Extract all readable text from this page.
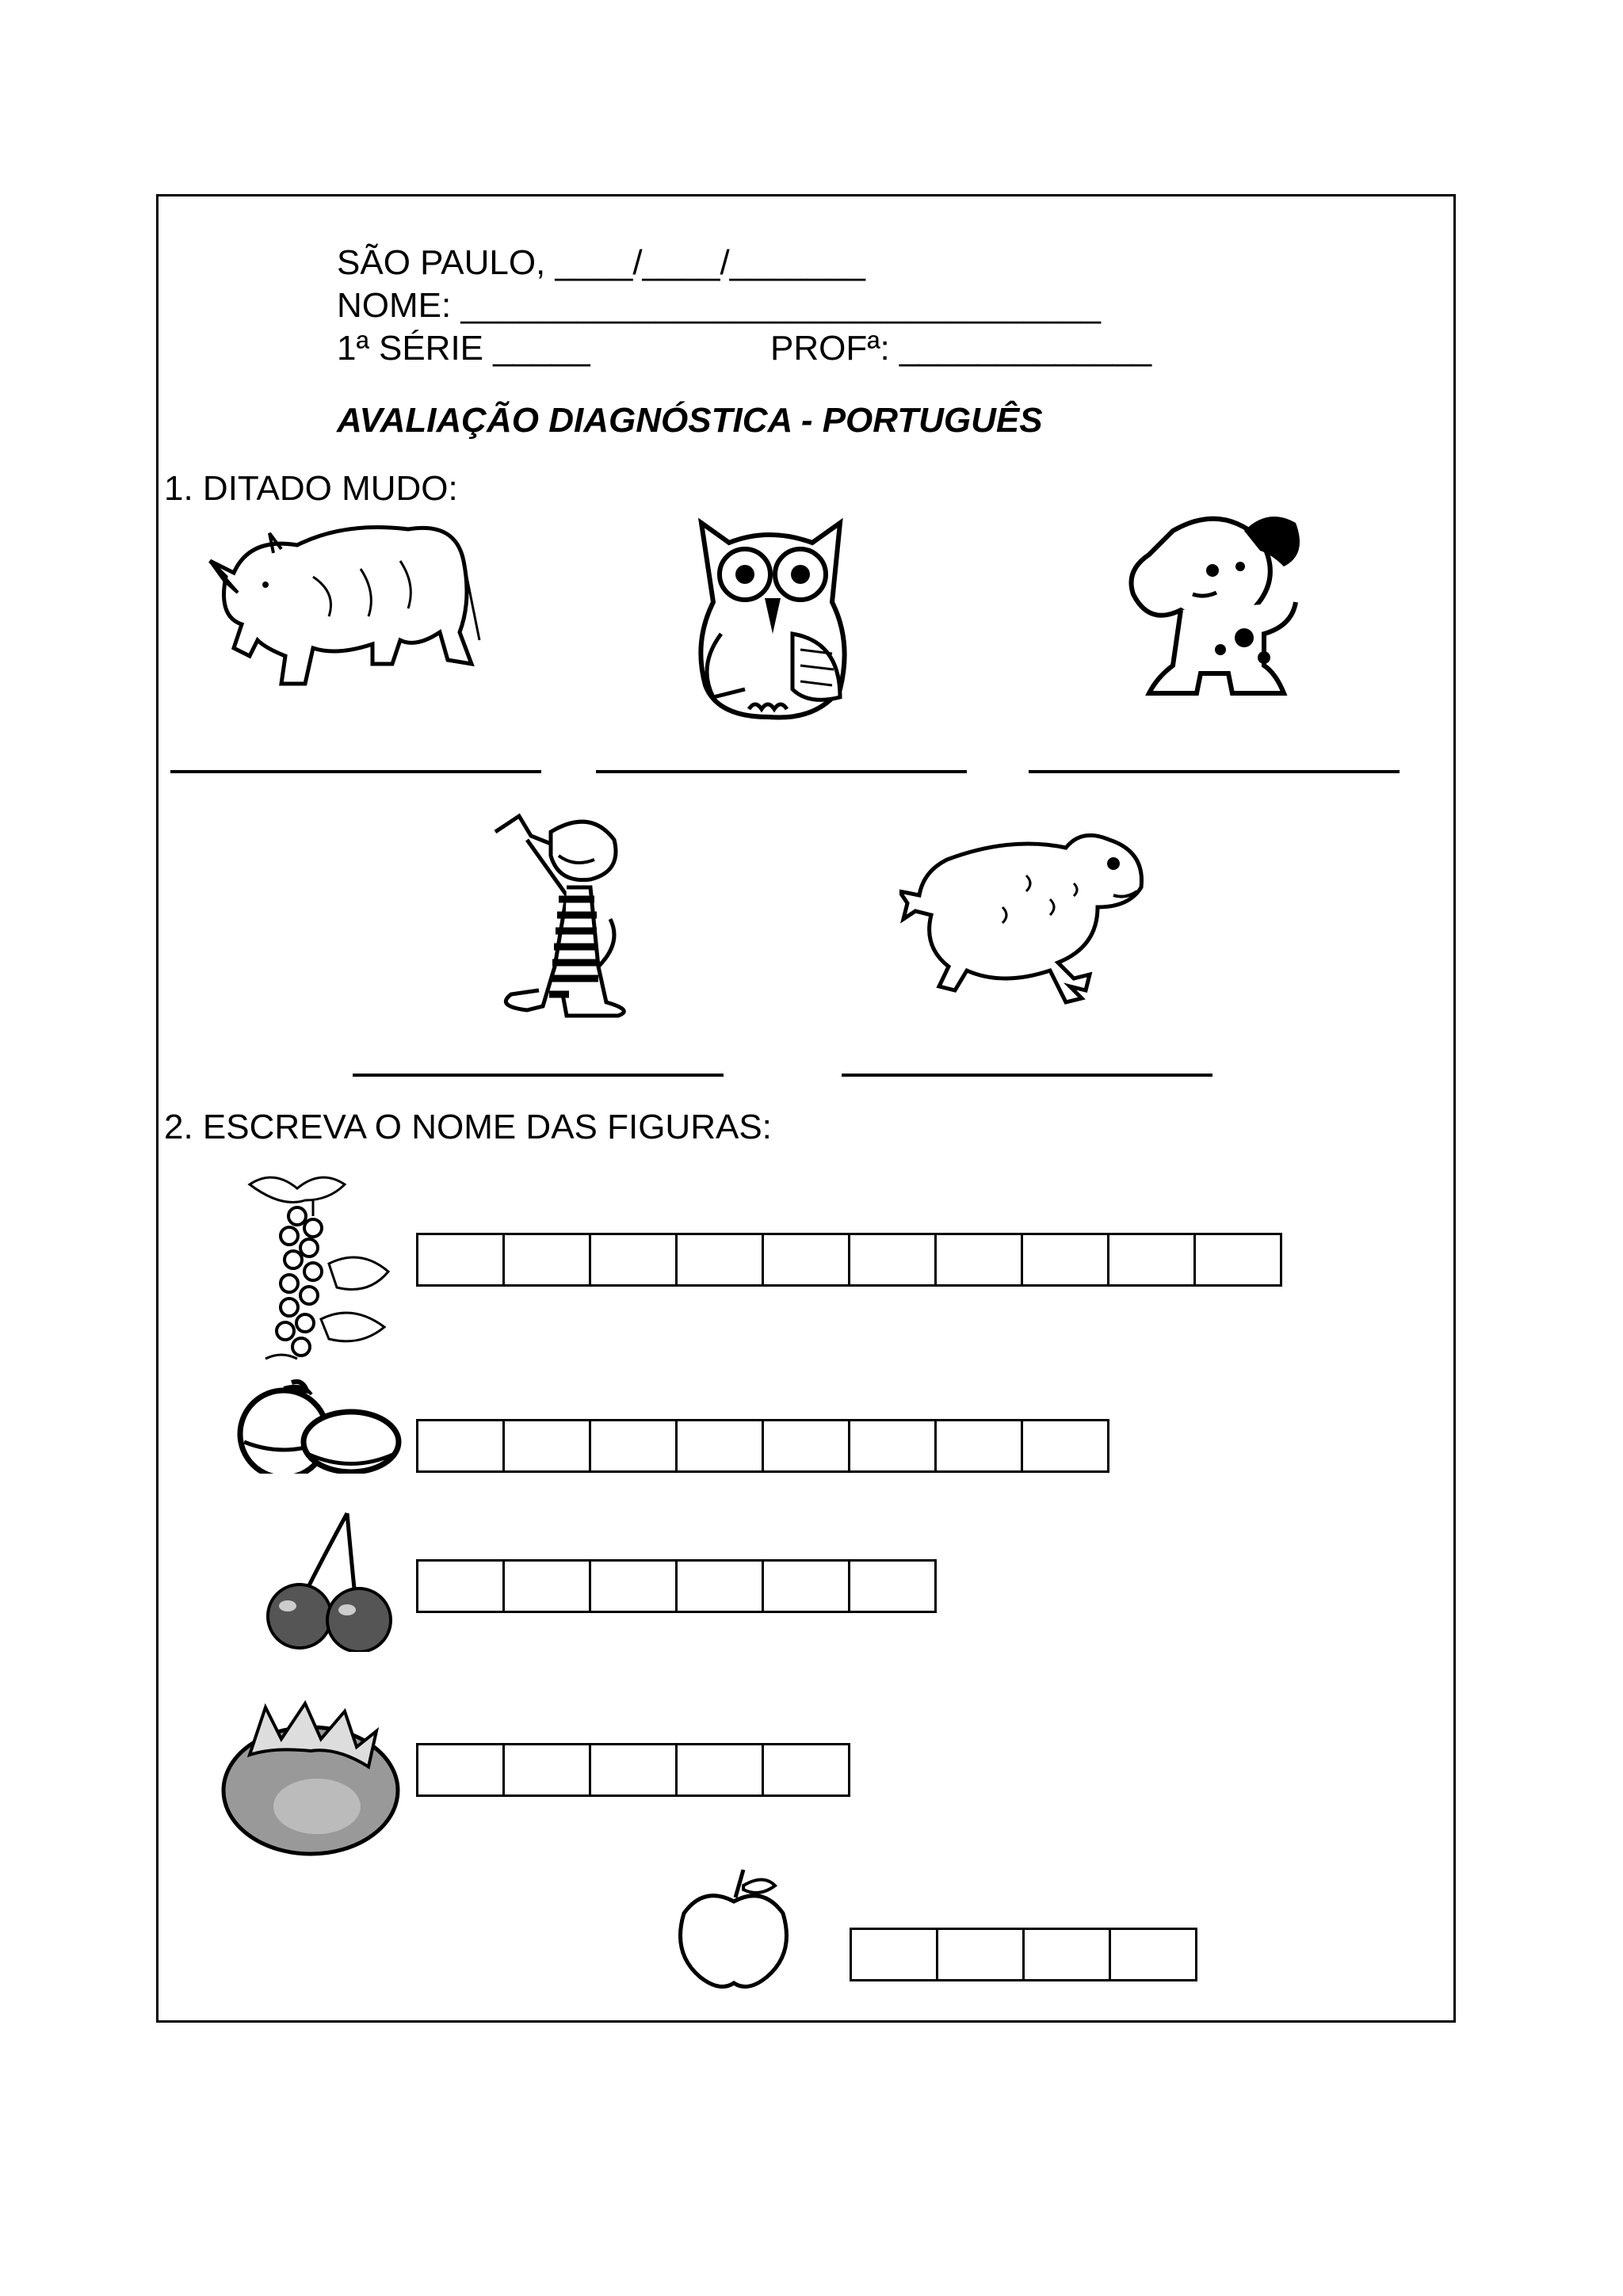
SÃO PAULO, ____/____/_______
NOME: _________________________________
1ª SÉRIE _____	PROFª: _____________
AVALIAÇÃO DIAGNÓSTICA - PORTUGUÊS
1. DITADO MUDO:
2. ESCREVA O NOME DAS FIGURAS:
